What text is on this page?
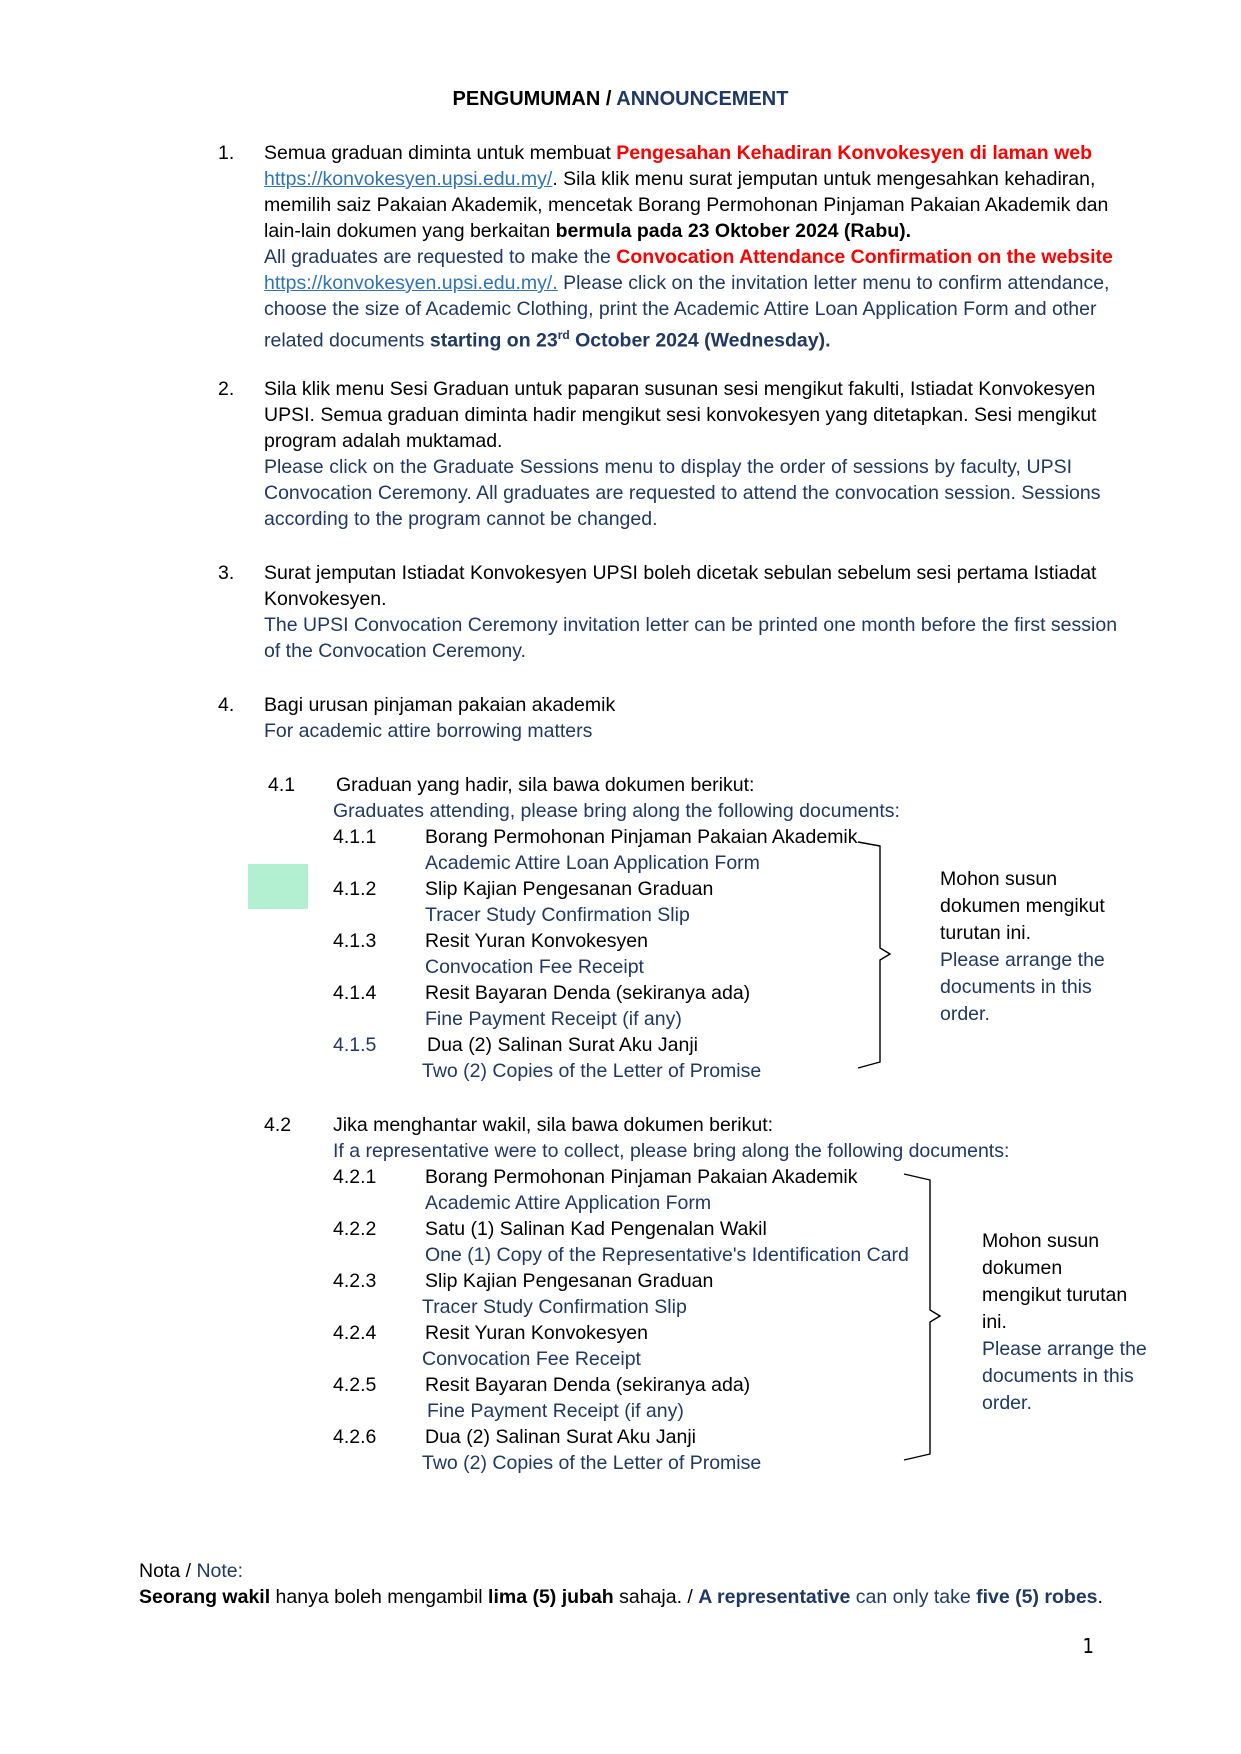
PENGUMUMAN / ANNOUNCEMENT
1. Semua graduan diminta untuk membuat Pengesahan Kehadiran Konvokesyen di laman web
https://konvokesyen.upsi.edu.my/. Sila klik menu surat jemputan untuk mengesahkan kehadiran,
memilih saiz Pakaian Akademik, mencetak Borang Permohonan Pinjaman Pakaian Akademik dan
lain-lain dokumen yang berkaitan bermula pada 23 Oktober 2024 (Rabu).
All graduates are requested to make the Convocation Attendance Confirmation on the website
https://konvokesyen.upsi.edu.my/. Please click on the invitation letter menu to confirm attendance,
choose the size of Academic Clothing, print the Academic Attire Loan Application Form and other
related documents starting on 23rd October 2024 (Wednesday).
2. Sila klik menu Sesi Graduan untuk paparan susunan sesi mengikut fakulti, Istiadat Konvokesyen
UPSI. Semua graduan diminta hadir mengikut sesi konvokesyen yang ditetapkan. Sesi mengikut
program adalah muktamad.
Please click on the Graduate Sessions menu to display the order of sessions by faculty, UPSI
Convocation Ceremony. All graduates are requested to attend the convocation session. Sessions
according to the program cannot be changed.
3. Surat jemputan Istiadat Konvokesyen UPSI boleh dicetak sebulan sebelum sesi pertama Istiadat
Konvokesyen.
The UPSI Convocation Ceremony invitation letter can be printed one month before the first session
of the Convocation Ceremony.
4. Bagi urusan pinjaman pakaian akademik
For academic attire borrowing matters
4.1 Graduan yang hadir, sila bawa dokumen berikut:
Graduates attending, please bring along the following documents:
4.1.1 Borang Permohonan Pinjaman Pakaian Akademik
Academic Attire Loan Application Form
4.1.2 Slip Kajian Pengesanan Graduan
Tracer Study Confirmation Slip
4.1.3 Resit Yuran Konvokesyen
Convocation Fee Receipt
4.1.4 Resit Bayaran Denda (sekiranya ada)
Fine Payment Receipt (if any)
4.1.5	Dua (2) Salinan Surat Aku Janji
Two (2) Copies of the Letter of Promise
Mohon susun
dokumen mengikut
turutan ini.
Please arrange the
documents in this
order.
4.2 Jika menghantar wakil, sila bawa dokumen berikut:
If a representative were to collect, please bring along the following documents:
4.2.1 Borang Permohonan Pinjaman Pakaian Akademik
Academic Attire Application Form
4.2.2 Satu (1) Salinan Kad Pengenalan Wakil
One (1) Copy of the Representative's Identification Card
4.2.3 Slip Kajian Pengesanan Graduan
Tracer Study Confirmation Slip
4.2.4 Resit Yuran Konvokesyen
Convocation Fee Receipt
4.2.5 Resit Bayaran Denda (sekiranya ada)
Fine Payment Receipt (if any)
4.2.6 Dua (2) Salinan Surat Aku Janji
Two (2) Copies of the Letter of Promise
Mohon susun
dokumen
mengikut turutan
ini.
Please arrange the
documents in this
order.
Nota / Note:
Seorang wakil hanya boleh mengambil lima (5) jubah sahaja. / A representative can only take five (5) robes.
1
